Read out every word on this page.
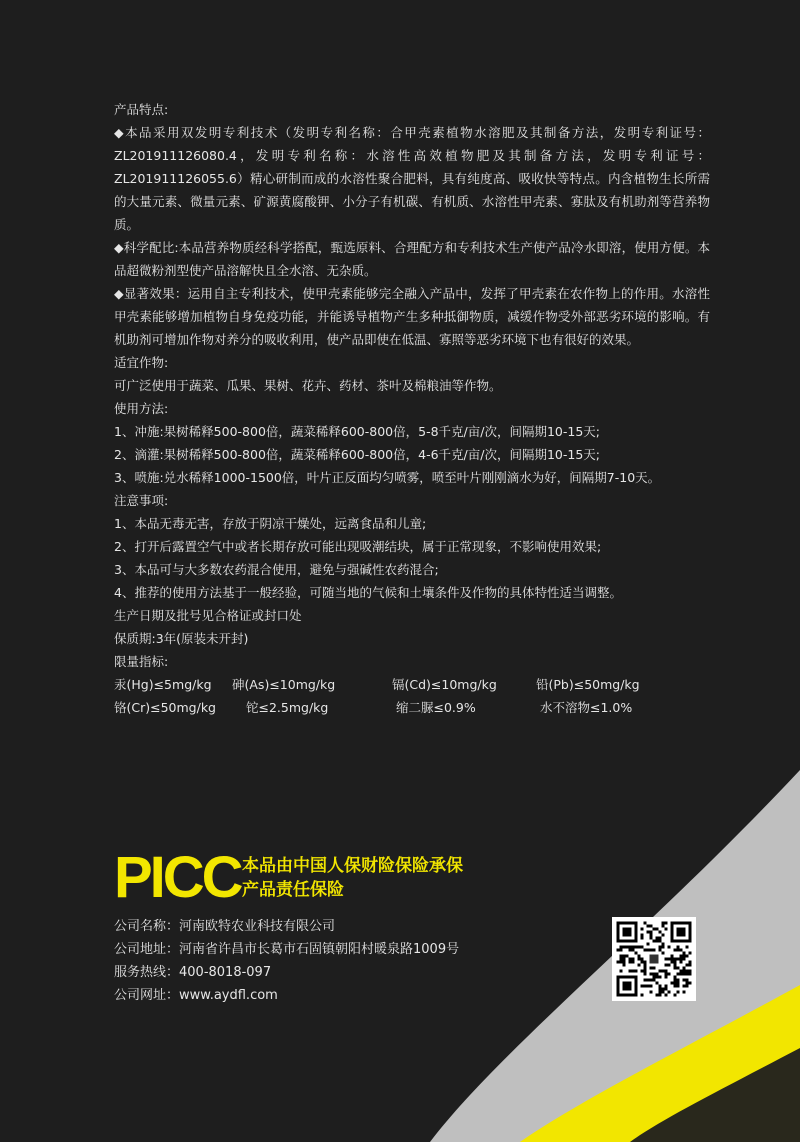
产品特点:

◆本品采用双发明专利技术（发明专利名称：合甲壳素植物水溶肥及其制备方法，发明专利证号：ZL201911126080.4，发明专利名称：水溶性高效植物肥及其制备方法，发明专利证号：ZL201911126055.6）精心研制而成的水溶性聚合肥料，具有纯度高、吸收快等特点。内含植物生长所需的大量元素、微量元素、矿源黄腐酸钾、小分子有机碳、有机质、水溶性甲壳素、寡肽及有机助剂等营养物质。

◆科学配比:本品营养物质经科学搭配，甄选原料、合理配方和专利技术生产使产品冷水即溶，使用方便。本品超微粉剂型使产品溶解快且全水溶、无杂质。

◆显著效果：运用自主专利技术，使甲壳素能够完全融入产品中，发挥了甲壳素在农作物上的作用。水溶性甲壳素能够增加植物自身免疫功能，并能诱导植物产生多种抵御物质，减缓作物受外部恶劣环境的影响。有机助剂可增加作物对养分的吸收利用，使产品即使在低温、寡照等恶劣环境下也有很好的效果。

适宜作物:

可广泛使用于蔬菜、瓜果、果树、花卉、药材、茶叶及棉粮油等作物。

使用方法:

1、冲施:果树稀释500-800倍，蔬菜稀释600-800倍，5-8千克/亩/次，间隔期10-15天;

2、滴灌:果树稀释500-800倍，蔬菜稀释600-800倍，4-6千克/亩/次，间隔期10-15天;

3、喷施:兑水稀释1000-1500倍，叶片正反面均匀喷雾，喷至叶片刚刚滴水为好，间隔期7-10天。

注意事项:

1、本品无毒无害，存放于阴凉干燥处，远离食品和儿童;

2、打开后露置空气中或者长期存放可能出现吸潮结块，属于正常现象，不影响使用效果;

3、本品可与大多数农药混合使用，避免与强碱性农药混合;

4、推荐的使用方法基于一般经验，可随当地的气候和土壤条件及作物的具体特性适当调整。

生产日期及批号见合格证或封口处

保质期:3年(原装未开封)

限量指标:

汞(Hg)≤5mg/kg 砷(As)≤10mg/kg	镉(Cd)≤10mg/kg	铅(Pb)≤50mg/kg
铬(Cr)≤50mg/kg 铊≤2.5mg/kg	缩二脲≤0.9%	水不溶物≤1.0%
PICC 本品由中国人保财险保险承保
产品责任保险

公司名称：河南欧特农业科技有限公司

公司地址：河南省许昌市长葛市石固镇朝阳村暖泉路1009号

服务热线：400-8018-097

公司网址：www.aydfl.com
